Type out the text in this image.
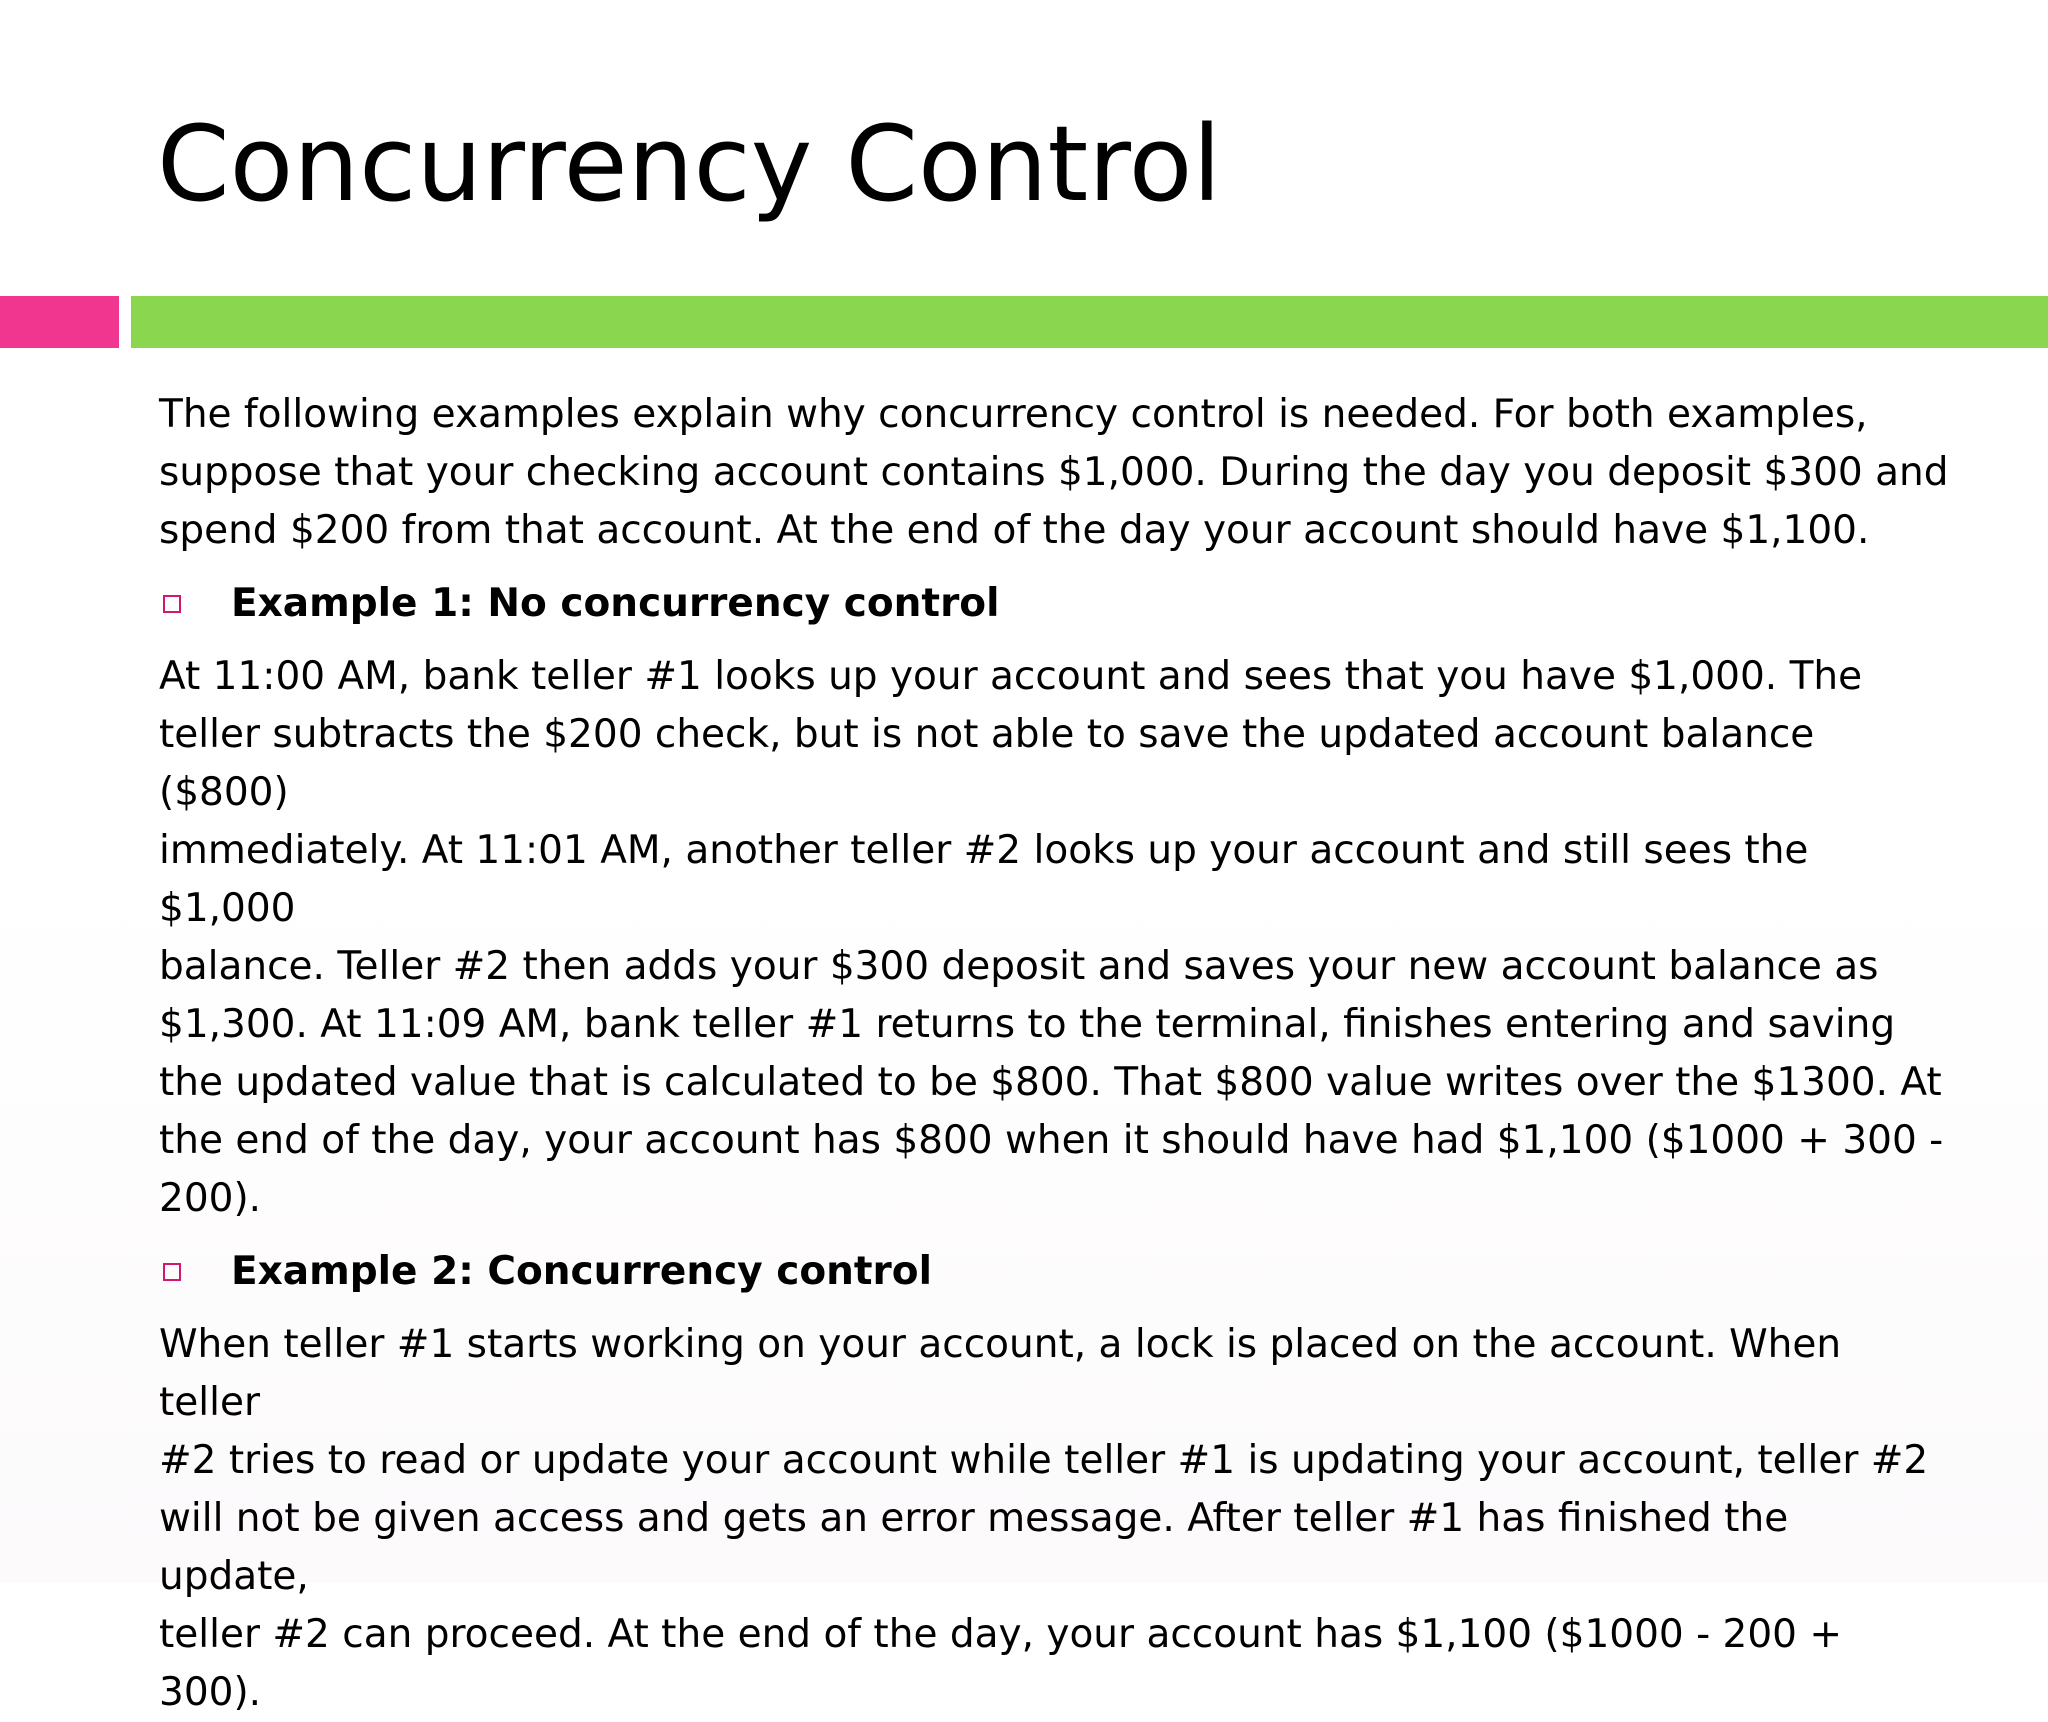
Concurrency Control

The following examples explain why concurrency control is needed. For both examples,

suppose that your checking account contains $1,000. During the day you deposit $300 and

spend $200 from that account. At the end of the day your account should have $1,100.

Example 1: No concurrency control

At 11:00 AM, bank teller #1 looks up your account and sees that you have $1,000. The

teller subtracts the $200 check, but is not able to save the updated account balance ($800)

immediately. At 11:01 AM, another teller #2 looks up your account and still sees the $1,000

balance. Teller #2 then adds your $300 deposit and saves your new account balance as

$1,300. At 11:09 AM, bank teller #1 returns to the terminal, finishes entering and saving

the updated value that is calculated to be $800. That $800 value writes over the $1300. At

the end of the day, your account has $800 when it should have had $1,100 ($1000 + 300 -

200).

Example 2: Concurrency control

When teller #1 starts working on your account, a lock is placed on the account. When teller

#2 tries to read or update your account while teller #1 is updating your account, teller #2

will not be given access and gets an error message. After teller #1 has finished the update,

teller #2 can proceed. At the end of the day, your account has $1,100 ($1000 - 200 +

300).
